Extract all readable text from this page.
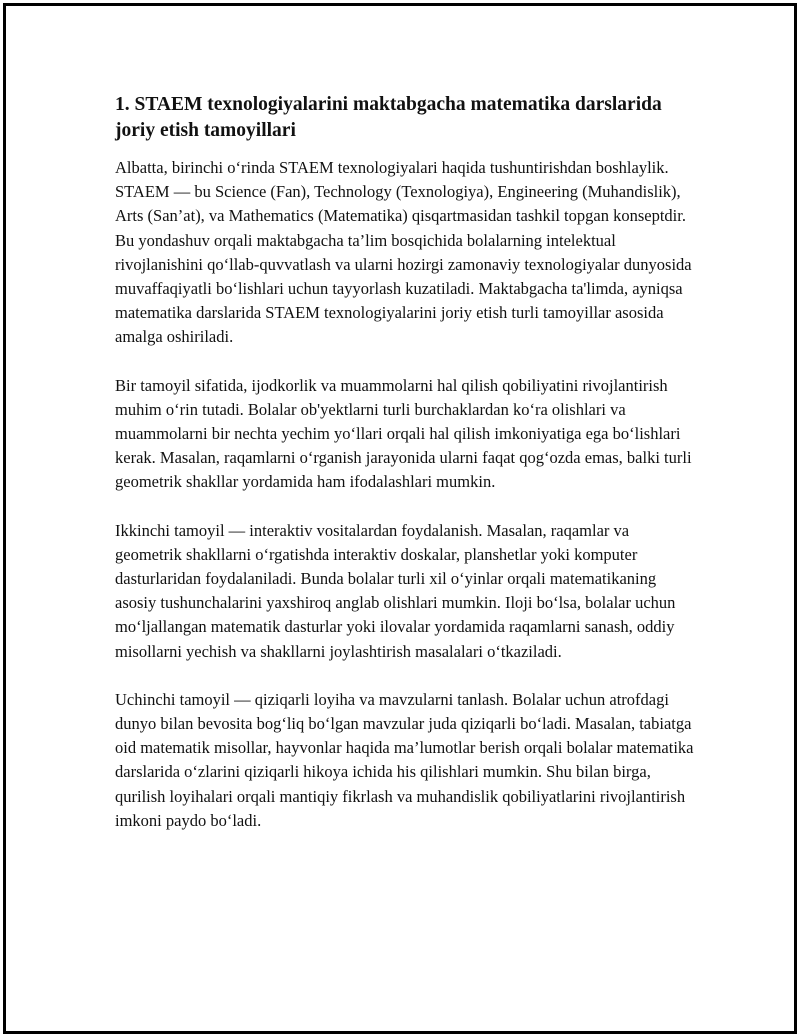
1. STAEM texnologiyalarini maktabgacha matematika darslarida joriy etish tamoyillari

Albatta, birinchi o‘rinda STAEM texnologiyalari haqida tushuntirishdan boshlaylik. STAEM — bu Science (Fan), Technology (Texnologiya), Engineering (Muhandislik), Arts (San’at), va Mathematics (Matematika) qisqartmasidan tashkil topgan konseptdir. Bu yondashuv orqali maktabgacha ta’lim bosqichida bolalarning intelektual rivojlanishini qo‘llab-quvvatlash va ularni hozirgi zamonaviy texnologiyalar dunyosida muvaffaqiyatli bo‘lishlari uchun tayyorlash kuzatiladi. Maktabgacha ta'limda, ayniqsa matematika darslarida STAEM texnologiyalarini joriy etish turli tamoyillar asosida amalga oshiriladi.

Bir tamoyil sifatida, ijodkorlik va muammolarni hal qilish qobiliyatini rivojlantirish muhim o‘rin tutadi. Bolalar ob'yektlarni turli burchaklardan ko‘ra olishlari va muammolarni bir nechta yechim yo‘llari orqali hal qilish imkoniyatiga ega bo‘lishlari kerak. Masalan, raqamlarni o‘rganish jarayonida ularni faqat qog‘ozda emas, balki turli geometrik shakllar yordamida ham ifodalashlari mumkin.

Ikkinchi tamoyil — interaktiv vositalardan foydalanish. Masalan, raqamlar va geometrik shakllarni o‘rgatishda interaktiv doskalar, planshetlar yoki komputer dasturlaridan foydalaniladi. Bunda bolalar turli xil o‘yinlar orqali matematikaning asosiy tushunchalarini yaxshiroq anglab olishlari mumkin. Iloji bo‘lsa, bolalar uchun mo‘ljallangan matematik dasturlar yoki ilovalar yordamida raqamlarni sanash, oddiy misollarni yechish va shakllarni joylashtirish masalalari o‘tkaziladi.

Uchinchi tamoyil — qiziqarli loyiha va mavzularni tanlash. Bolalar uchun atrofdagi dunyo bilan bevosita bog‘liq bo‘lgan mavzular juda qiziqarli bo‘ladi. Masalan, tabiatga oid matematik misollar, hayvonlar haqida ma’lumotlar berish orqali bolalar matematika darslarida o‘zlarini qiziqarli hikoya ichida his qilishlari mumkin. Shu bilan birga, qurilish loyihalari orqali mantiqiy fikrlash va muhandislik qobiliyatlarini rivojlantirish imkoni paydo bo‘ladi.
